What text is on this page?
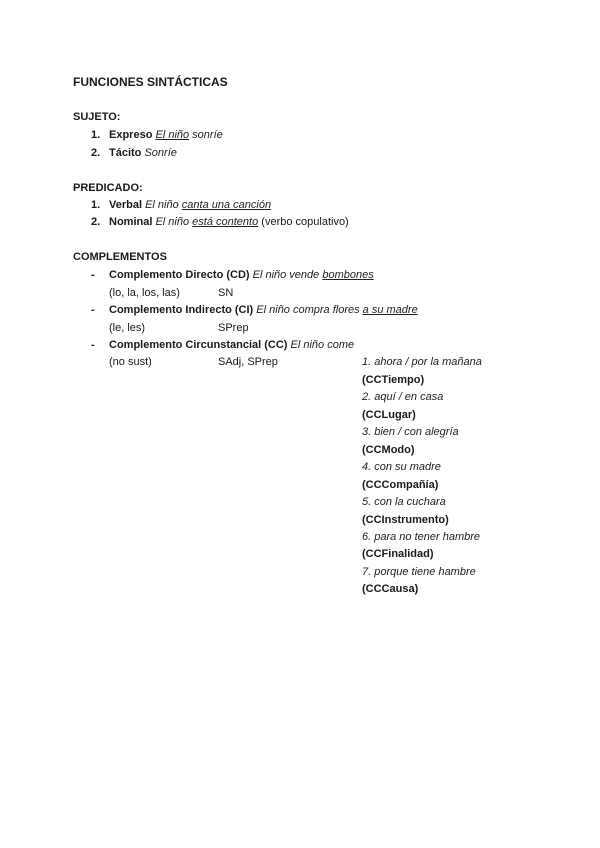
FUNCIONES SINTÁCTICAS
SUJETO:
1. Expreso El niño sonríe
2. Tácito Sonríe
PREDICADO:
1. Verbal El niño canta una canción
2. Nominal El niño está contento (verbo copulativo)
COMPLEMENTOS
- Complemento Directo (CD) El niño vende bombones
(lo, la, los, las)	SN
- Complemento Indirecto (CI) El niño compra flores a su madre
(le, les)	SPrep
- Complemento Circunstancial (CC) El niño come
(no sust)	SAdj, SPrep	1. ahora / por la mañana
(CCTiempo)
2. aquí / en casa
(CCLugar)
3. bien / con alegría
(CCModo)
4. con su madre
(CCCompañía)
5. con la cuchara
(CCInstrumento)
6. para no tener hambre
(CCFinalidad)
7. porque tiene hambre
(CCCausa)
